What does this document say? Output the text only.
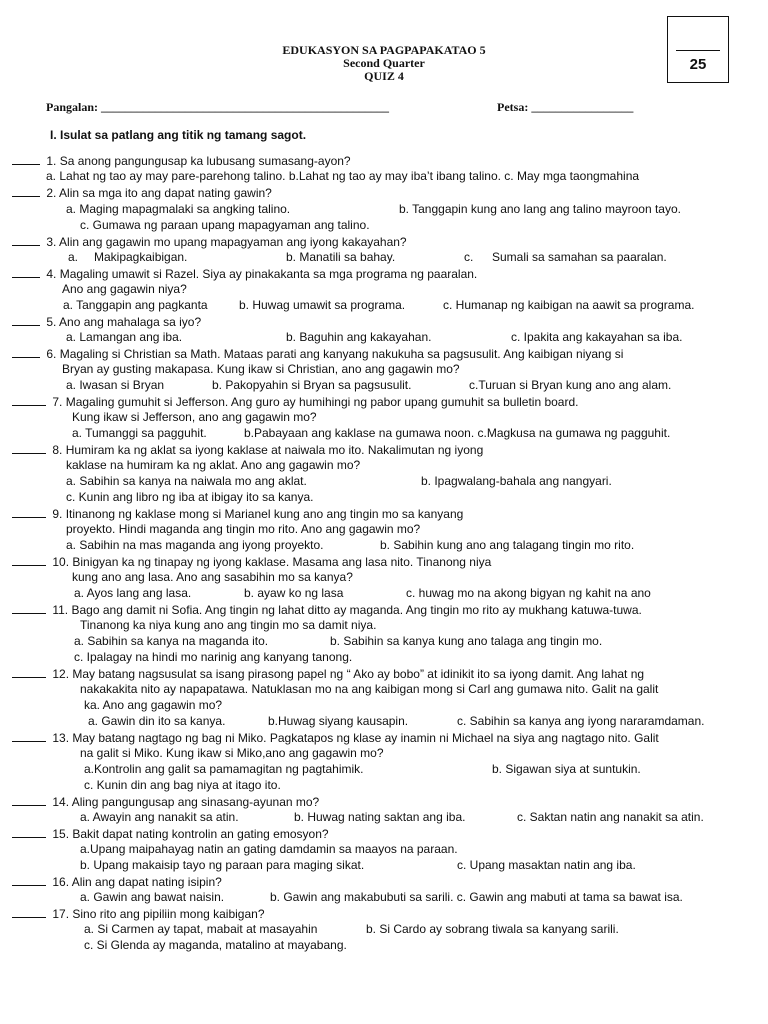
EDUKASYON SA PAGPAPAKATAO 5
Second Quarter
QUIZ 4
25
Pangalan: ________________________________________________	Petsa: _________________
I. Isulat sa patlang ang titik ng tamang sagot.
1. Sa anong pangungusap ka lubusang sumasang-ayon?
a. Lahat ng tao ay may pare-parehong talino. b.Lahat ng tao ay may iba’t ibang talino. c. May mga taongmahina
2. Alin sa mga ito ang dapat nating gawin?
a. Maging mapagmalaki sa angking talino.	b. Tanggapin kung ano lang ang talino mayroon tayo.
c. Gumawa ng paraan upang mapagyaman ang talino.
3. Alin ang gagawin mo upang mapagyaman ang iyong kakayahan?
a. Makipagkaibigan.	b. Manatili sa bahay.	c. Sumali sa samahan sa paaralan.
4. Magaling umawit si Razel. Siya ay pinakakanta sa mga programa ng paaralan.
Ano ang gagawin niya?
a. Tanggapin ang pagkanta	b. Huwag umawit sa programa.	c. Humanap ng kaibigan na aawit sa programa.
5. Ano ang mahalaga sa iyo?
a. Lamangan ang iba.	b. Baguhin ang kakayahan.	c. Ipakita ang kakayahan sa iba.
6. Magaling si Christian sa Math. Mataas parati ang kanyang nakukuha sa pagsusulit. Ang kaibigan niyang si
Bryan ay gusting makapasa. Kung ikaw si Christian, ano ang gagawin mo?
a. Iwasan si Bryan	b. Pakopyahin si Bryan sa pagsusulit.	c.Turuan si Bryan kung ano ang alam.
7. Magaling gumuhit si Jefferson. Ang guro ay humihingi ng pabor upang gumuhit sa bulletin board.
Kung ikaw si Jefferson, ano ang gagawin mo?
a. Tumanggi sa pagguhit.	b.Pabayaan ang kaklase na gumawa noon. c.Magkusa na gumawa ng pagguhit.
8. Humiram ka ng aklat sa iyong kaklase at naiwala mo ito. Nakalimutan ng iyong
kaklase na humiram ka ng aklat. Ano ang gagawin mo?
a. Sabihin sa kanya na naiwala mo ang aklat.	b. Ipagwalang-bahala ang nangyari.
c. Kunin ang libro ng iba at ibigay ito sa kanya.
9. Itinanong ng kaklase mong si Marianel kung ano ang tingin mo sa kanyang
proyekto. Hindi maganda ang tingin mo rito. Ano ang gagawin mo?
a. Sabihin na mas maganda ang iyong proyekto.	b. Sabihin kung ano ang talagang tingin mo rito.
10. Binigyan ka ng tinapay ng iyong kaklase. Masama ang lasa nito. Tinanong niya
kung ano ang lasa. Ano ang sasabihin mo sa kanya?
a. Ayos lang ang lasa.	b. ayaw ko ng lasa	c. huwag mo na akong bigyan ng kahit na ano
11. Bago ang damit ni Sofia. Ang tingin ng lahat ditto ay maganda. Ang tingin mo rito ay mukhang katuwa-tuwa.
Tinanong ka niya kung ano ang tingin mo sa damit niya.
a. Sabihin sa kanya na maganda ito.	b. Sabihin sa kanya kung ano talaga ang tingin mo.
c. Ipalagay na hindi mo narinig ang kanyang tanong.
12. May batang nagsusulat sa isang pirasong papel ng “ Ako ay bobo” at idinikit ito sa iyong damit. Ang lahat ng
nakakakita nito ay napapatawa. Natuklasan mo na ang kaibigan mong si Carl ang gumawa nito. Galit na galit
ka. Ano ang gagawin mo?
a. Gawin din ito sa kanya.	b.Huwag siyang kausapin.	c. Sabihin sa kanya ang iyong nararamdaman.
13. May batang nagtago ng bag ni Miko. Pagkatapos ng klase ay inamin ni Michael na siya ang nagtago nito. Galit
na galit si Miko. Kung ikaw si Miko,ano ang gagawin mo?
a.Kontrolin ang galit sa pamamagitan ng pagtahimik.	b. Sigawan siya at suntukin.
c. Kunin din ang bag niya at itago ito.
14. Aling pangungusap ang sinasang-ayunan mo?
a. Awayin ang nanakit sa atin.	b. Huwag nating saktan ang iba.	c. Saktan natin ang nanakit sa atin.
15. Bakit dapat nating kontrolin an gating emosyon?
a.Upang maipahayag natin an gating damdamin sa maayos na paraan.
b. Upang makaisip tayo ng paraan para maging sikat.	c. Upang masaktan natin ang iba.
16. Alin ang dapat nating isipin?
a. Gawin ang bawat naisin.	b. Gawin ang makabubuti sa sarili. c. Gawin ang mabuti at tama sa bawat isa.
17. Sino rito ang pipiliin mong kaibigan?
a. Si Carmen ay tapat, mabait at masayahin	b. Si Cardo ay sobrang tiwala sa kanyang sarili.
c. Si Glenda ay maganda, matalino at mayabang.
